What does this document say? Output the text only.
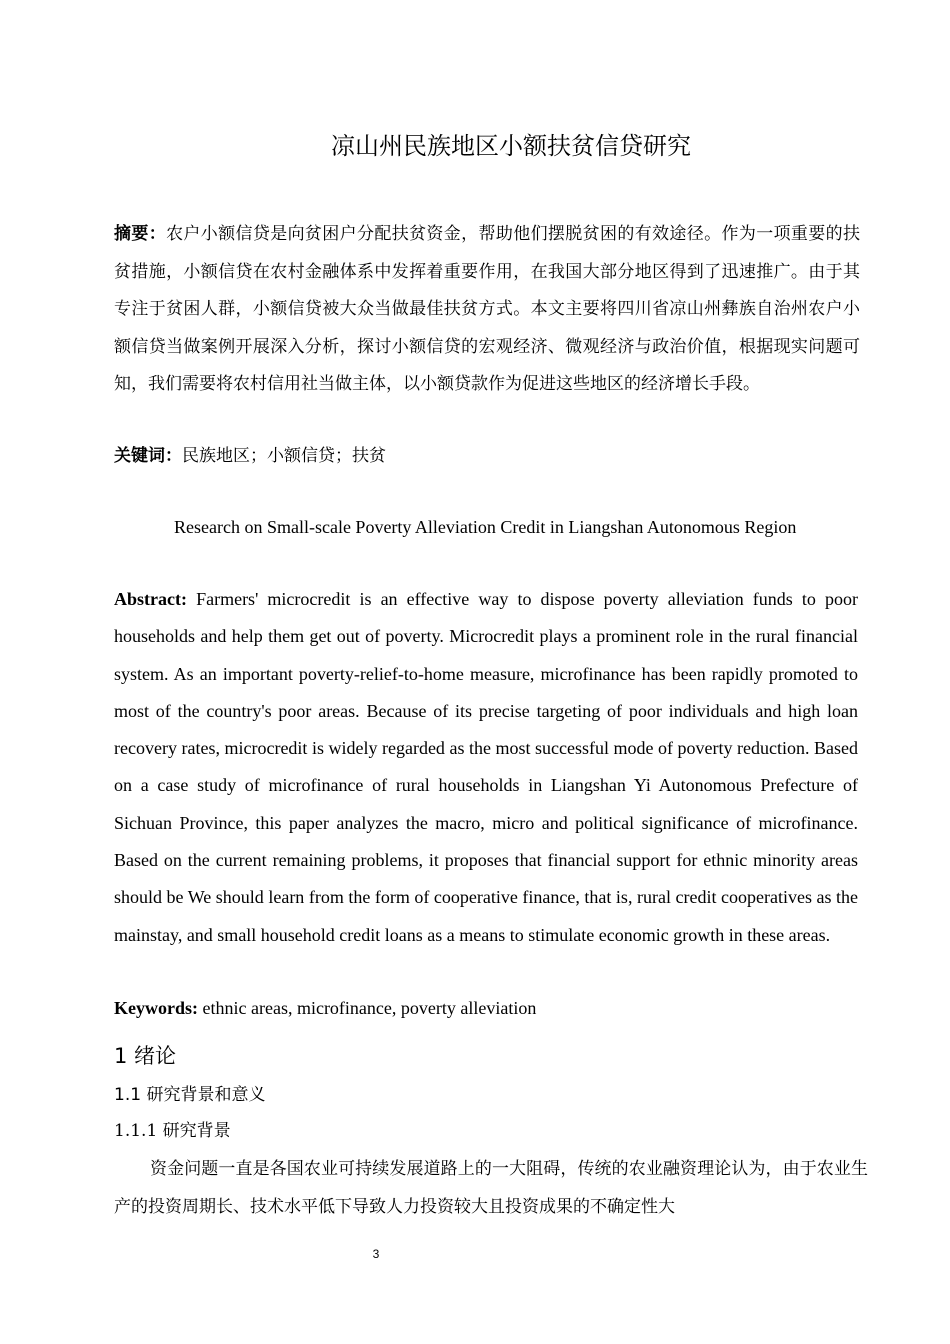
凉山州民族地区小额扶贫信贷研究

摘要：农户小额信贷是向贫困户分配扶贫资金，帮助他们摆脱贫困的有效途径。作为一项重要的扶贫措施，小额信贷在农村金融体系中发挥着重要作用，在我国大部分地区得到了迅速推广。由于其专注于贫困人群，小额信贷被大众当做最佳扶贫方式。本文主要将四川省凉山州彝族自治州农户小额信贷当做案例开展深入分析，探讨小额信贷的宏观经济、微观经济与政治价值，根据现实问题可知，我们需要将农村信用社当做主体，以小额贷款作为促进这些地区的经济增长手段。

关键词：民族地区；小额信贷；扶贫

Research on Small-scale Poverty Alleviation Credit in Liangshan Autonomous Region

Abstract: Farmers' microcredit is an effective way to dispose poverty alleviation funds to poor households and help them get out of poverty. Microcredit plays a prominent role in the rural financial system. As an important poverty-relief-to-home measure, microfinance has been rapidly promoted to most of the country's poor areas. Because of its precise targeting of poor individuals and high loan recovery rates, microcredit is widely regarded as the most successful mode of poverty reduction. Based on a case study of microfinance of rural households in Liangshan Yi Autonomous Prefecture of Sichuan Province, this paper analyzes the macro, micro and political significance of microfinance. Based on the current remaining problems, it proposes that financial support for ethnic minority areas should be We should learn from the form of cooperative finance, that is, rural credit cooperatives as the mainstay, and small household credit loans as a means to stimulate economic growth in these areas.

Keywords: ethnic areas, microfinance, poverty alleviation

1 绪论
1.1 研究背景和意义
1.1.1 研究背景

资金问题一直是各国农业可持续发展道路上的一大阻碍，传统的农业融资理论认为，由于农业生产的投资周期长、技术水平低下导致人力投资较大且投资成果的不确定性大

3
